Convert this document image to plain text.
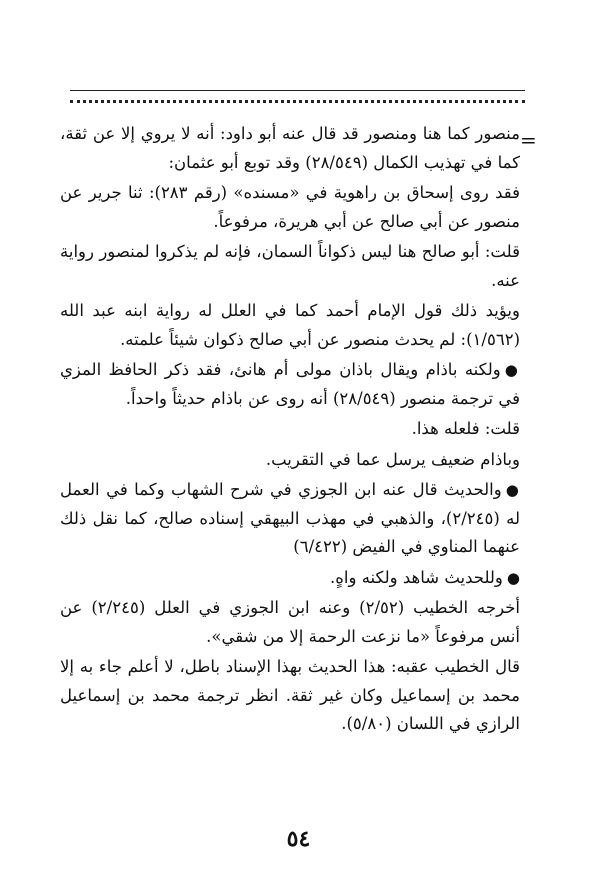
=

منصور كما هنا ومنصور قد قال عنه أبو داود: أنه لا يروي إلا عن ثقة، كما في تهذيب الكمال (٢٨/٥٤٩) وقد توبع أبو عثمان:

فقد روى إسحاق بن راهوية في «مسنده» (رقم ٢٨٣): ثنا جرير عن منصور عن أبي صالح عن أبي هريرة، مرفوعاً.

قلت: أبو صالح هنا ليس ذكواناً السمان، فإنه لم يذكروا لمنصور رواية عنه.

ويؤيد ذلك قول الإمام أحمد كما في العلل له رواية ابنه عبد الله (١/٥٦٢): لم يحدث منصور عن أبي صالح ذكوان شيئاً علمته.

●ولكنه باذام ويقال باذان مولى أم هانئ، فقد ذكر الحافظ المزي في ترجمة منصور (٢٨/٥٤٩) أنه روى عن باذام حديثاً واحداً.

قلت: فلعله هذا.

وباذام ضعيف يرسل عما في التقريب.

●والحديث قال عنه ابن الجوزي في شرح الشهاب وكما في العمل له (٢/٢٤٥)، والذهبي في مهذب البيهقي إسناده صالح، كما نقل ذلك عنهما المناوي في الفيض (٦/٤٢٢)

●وللحديث شاهد ولكنه واهٍ.

أخرجه الخطيب (٢/٥٢) وعنه ابن الجوزي في العلل (٢/٢٤٥) عن أنس مرفوعاً «ما نزعت الرحمة إلا من شقي».

قال الخطيب عقبه: هذا الحديث بهذا الإسناد باطل، لا أعلم جاء به إلا محمد بن إسماعيل وكان غير ثقة. انظر ترجمة محمد بن إسماعيل الرازي في اللسان (٥/٨٠).

٥٤
